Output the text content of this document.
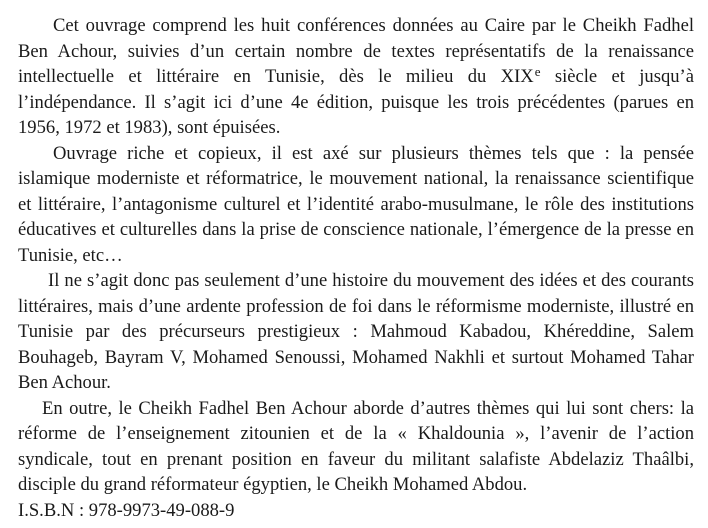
Cet ouvrage comprend les huit conférences données au Caire par le Cheikh Fadhel Ben Achour, suivies d’un certain nombre de textes représentatifs de la renaissance intellectuelle et littéraire en Tunisie, dès le milieu du XIXe siècle et jusqu’à l’indépendance. Il s’agit ici d’une 4e édition, puisque les trois précédentes (parues en 1956, 1972 et 1983), sont épuisées.

Ouvrage riche et copieux, il est axé sur plusieurs thèmes tels que : la pensée islamique moderniste et réformatrice, le mouvement national, la renaissance scientifique et littéraire, l’antagonisme culturel et l’identité arabo-musulmane, le rôle des institutions éducatives et culturelles dans la prise de conscience nationale, l’émergence de la presse en Tunisie, etc…

Il ne s’agit donc pas seulement d’une histoire du mouvement des idées et des courants littéraires, mais d’une ardente profession de foi dans le réformisme moderniste, illustré en Tunisie par des précurseurs prestigieux : Mahmoud Kabadou, Khéreddine, Salem Bouhageb, Bayram V, Mohamed Senoussi, Mohamed Nakhli et surtout Mohamed Tahar Ben Achour.

En outre, le Cheikh Fadhel Ben Achour aborde d’autres thèmes qui lui sont chers: la réforme de l’enseignement zitounien et de la « Khaldounia », l’avenir de l’action syndicale, tout en prenant position en faveur du militant salafiste Abdelaziz Thaâlbi, disciple du grand réformateur égyptien, le Cheikh Mohamed Abdou.

I.S.B.N : 978-9973-49-088-9
